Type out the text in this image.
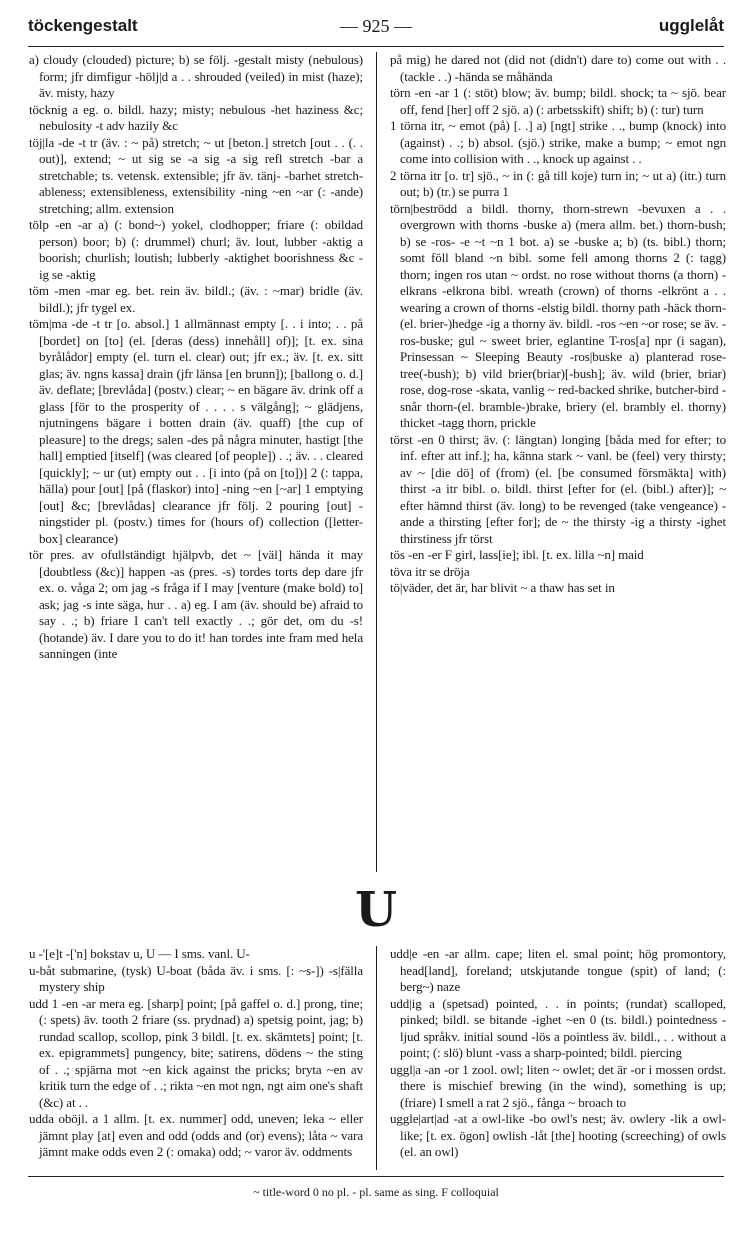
töckengestalt	— 925 —	ugglelåt

a) cloudy (clouded) picture; b) se följ. -gestalt misty (nebulous) form; jfr dimfigur -hölj|d a . . shrouded (veiled) in mist (haze); äv. misty, hazy

töcknig a eg. o. bildl. hazy; misty; nebulous -het haziness &c; nebulosity -t adv hazily &c

töj|la -de -t tr (äv. : ~ på) stretch; ~ ut [beton.] stretch [out . . (. . out)], extend; ~ ut sig se -a sig -a sig refl stretch -bar a stretchable; ts. vetensk. extensible; jfr äv. tänj- -barhet stretch-ableness; extensibleness, extensibility -ning ~en ~ar (: -ande) stretching; allm. extension

tölp -en -ar a) (: bond~) yokel, clodhopper; friare (: obildad person) boor; b) (: drummel) churl; äv. lout, lubber -aktig a boorish; churlish; loutish; lubberly -aktighet boorishness &c -ig se -aktig

töm -men -mar eg. bet. rein äv. bildl.; (äv. : ~mar) bridle (äv. bildl.); jfr tygel ex.

töm|ma -de -t tr [o. absol.] 1 allmännast empty [. . i into; . . på [bordet] on [to] (el. [deras (dess) innehåll] of)]; [t. ex. sina byrålådor] empty (el. turn el. clear) out; jfr ex.; äv. [t. ex. sitt glas; äv. ngns kassa] drain (jfr länsa [en brunn]); [ballong o. d.] äv. deflate; [brevlåda] (postv.) clear; ~ en bägare äv. drink off a glass [för to the prosperity of . . . . s välgång]; ~ glädjens, njutningens bägare i botten drain (äv. quaff) [the cup of pleasure] to the dregs; salen -des på några minuter, hastigt [the hall] emptied [itself] (was cleared [of people]) . .; äv. . . cleared [quickly]; ~ ur (ut) empty out . . [i into (på on [to])] 2 (: tappa, hälla) pour [out] [på (flaskor) into] -ning ~en [~ar] 1 emptying [out] &c; [brevlådas] clearance jfr följ. 2 pouring [out] -ningstider pl. (postv.) times for (hours of) collection ([letter-box] clearance)

tör pres. av ofullständigt hjälpvb, det ~ [väl] hända it may [doubtless (&c)] happen -as (pres. -s) tordes torts dep dare jfr ex. o. våga 2; om jag -s fråga if I may [venture (make bold) to] ask; jag -s inte säga, hur . . a) eg. I am (äv. should be) afraid to say . .; b) friare I can't tell exactly . .; gör det, om du -s! (hotande) äv. I dare you to do it! han tordes inte fram med hela sanningen (inte

på mig) he dared not (did not (didn't) dare to) come out with . . (tackle . .) -hända se måhända

törn -en -ar 1 (: stöt) blow; äv. bump; bildl. shock; ta ~ sjö. bear off, fend [her] off 2 sjö. a) (: arbetsskift) shift; b) (: tur) turn

1 törna itr, ~ emot (på) [. .] a) [ngt] strike . ., bump (knock) into (against) . .; b) absol. (sjö.) strike, make a bump; ~ emot ngn come into collision with . ., knock up against . .

2 törna itr [o. tr] sjö., ~ in (: gå till koje) turn in; ~ ut a) (itr.) turn out; b) (tr.) se purra 1

törn|beströdd a bildl. thorny, thorn-strewn -bevuxen a . . overgrown with thorns -buske a) (mera allm. bet.) thorn-bush; b) se -ros- -e ~t ~n 1 bot. a) se -buske a; b) (ts. bibl.) thorn; somt föll bland ~n bibl. some fell among thorns 2 (: tagg) thorn; ingen ros utan ~ ordst. no rose without thorns (a thorn) -elkrans -elkrona bibl. wreath (crown) of thorns -elkrönt a . . wearing a crown of thorns -elstig bildl. thorny path -häck thorn-(el. brier-)hedge -ig a thorny äv. bildl. -ros ~en ~or rose; se äv. -ros-buske; gul ~ sweet brier, eglantine T-ros[a] npr (i sagan), Prinsessan ~ Sleeping Beauty -ros|buske a) planterad rose-tree(-bush); b) vild brier(briar)[-bush]; äv. wild (brier, briar) rose, dog-rose -skata, vanlig ~ red-backed shrike, butcher-bird -snår thorn-(el. bramble-)brake, briery (el. brambly el. thorny) thicket -tagg thorn, prickle

törst -en 0 thirst; äv. (: längtan) longing [båda med for efter; to inf. efter att inf.]; ha, känna stark ~ vanl. be (feel) very thirsty; av ~ [die dö] of (from) (el. [be consumed försmäkta] with) thirst -a itr bibl. o. bildl. thirst [efter for (el. (bibl.) after)]; ~ efter hämnd thirst (äv. long) to be revenged (take vengeance) -ande a thirsting [efter for]; de ~ the thirsty -ig a thirsty -ighet thirstiness jfr törst

tös -en -er F girl, lass[ie]; ibl. [t. ex. lilla ~n] maid

töva itr se dröja

tö|väder, det är, har blivit ~ a thaw has set in

U

u -'[e]t -['n] bokstav u, U — I sms. vanl. U-

u-båt submarine, (tysk) U-boat (båda äv. i sms. [: ~s-]) -s|fälla mystery ship

udd 1 -en -ar mera eg. [sharp] point; [på gaffel o. d.] prong, tine; (: spets) äv. tooth 2 friare (ss. prydnad) a) spetsig point, jag; b) rundad scallop, scollop, pink 3 bildl. [t. ex. skämtets] point; [t. ex. epigrammets] pungency, bite; satirens, dödens ~ the sting of . .; spjärna mot ~en kick against the pricks; bryta ~en av kritik turn the edge of . .; rikta ~en mot ngn, ngt aim one's shaft (&c) at . .

udda oböjl. a 1 allm. [t. ex. nummer] odd, uneven; leka ~ eller jämnt play [at] even and odd (odds and (or) evens); låta ~ vara jämnt make odds even 2 (: omaka) odd; ~ varor äv. oddments

udd|e -en -ar allm. cape; liten el. smal point; hög promontory, head[land], foreland; utskjutande tongue (spit) of land; (: berg~) naze

udd|ig a (spetsad) pointed, . . in points; (rundat) scalloped, pinked; bildl. se bitande -ighet ~en 0 (ts. bildl.) pointedness -ljud språkv. initial sound -lös a pointless äv. bildl., . . without a point; (: slö) blunt -vass a sharp-pointed; bildl. piercing

uggl|a -an -or 1 zool. owl; liten ~ owlet; det är -or i mossen ordst. there is mischief brewing (in the wind), something is up; (friare) I smell a rat 2 sjö., fånga ~ broach to

uggle|art|ad -at a owl-like -bo owl's nest; äv. owlery -lik a owl-like; [t. ex. ögon] owlish -låt [the] hooting (screeching) of owls (el. an owl)

~ title-word 0 no pl. - pl. same as sing. F colloquial
